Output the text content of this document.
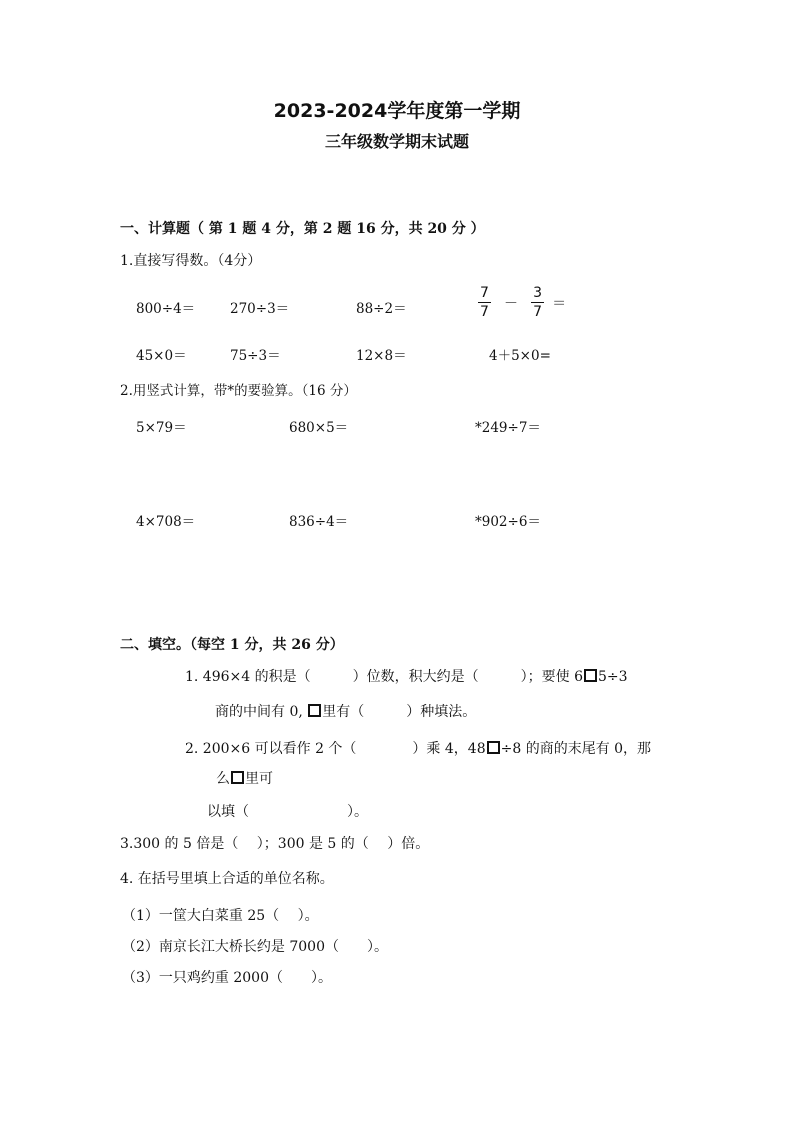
2023-2024学年度第一学期
三年级数学期末试题
一、计算题（ 第 1 题 4 分，第 2 题 16 分，共 20 分 ）
1.直接写得数。（4分）
800÷4＝	270÷3＝	88÷2＝	$\frac{7}{7} - \frac{3}{7}$ ＝
45×0＝	75÷3＝	12×8＝	4＋5×0=
2.用竖式计算，带*的要验算。（16 分）
5×79＝	680×5＝	*249÷7＝
4×708＝	836÷4＝	*902÷6＝
二、填空。（每空 1 分，共 26 分）
1. 496×4 的积是（　　　）位数，积大约是（　　　）；要使 6 5÷3
商的中间有 0, 里有（　　　）种填法。
2. 200×6 可以看作 2 个（　　　　）乘 4，48 ÷8 的商的末尾有 0，那
么 里可
以填（　　　　　　　）。
3.300 的 5 倍是（　 ）；300 是 5 的（　 ）倍。
4. 在括号里填上合适的单位名称。
（1）一筐大白菜重 25（　 ）。
（2）南京长江大桥长约是 7000（　　）。
（3）一只鸡约重 2000（　　）。
